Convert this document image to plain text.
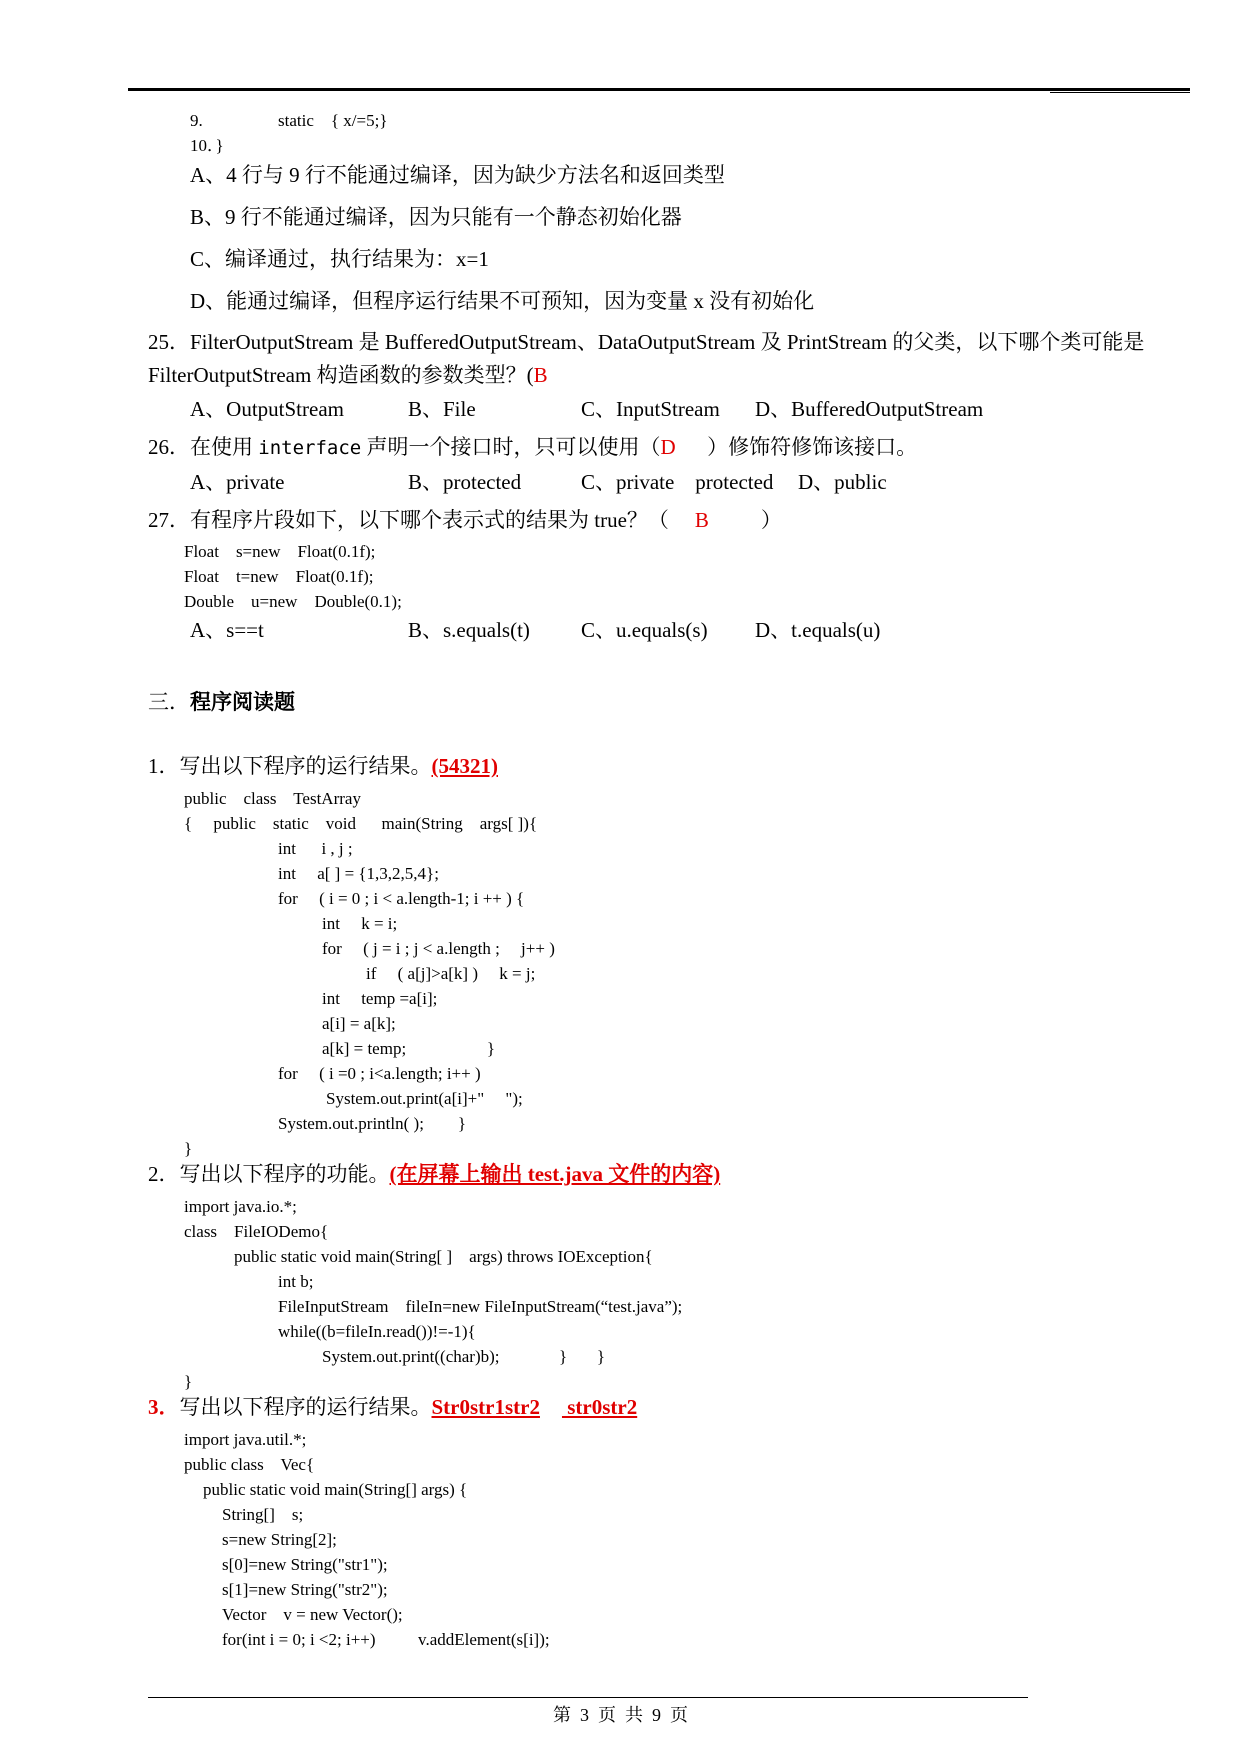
9.	static    { x/=5;}
10．}
A、4 行与 9 行不能通过编译，因为缺少方法名和返回类型
B、9 行不能通过编译，因为只能有一个静态初始化器
C、编译通过，执行结果为：x=1
D、能通过编译，但程序运行结果不可预知，因为变量 x 没有初始化
25．FilterOutputStream 是 BufferedOutputStream、DataOutputStream 及 PrintStream 的父类，以下哪个类可能是
FilterOutputStream 构造函数的参数类型？(B
A、OutputStream	B、File	C、InputStream D、BufferedOutputStream
26．在使用 interface 声明一个接口时，只可以使用（D      ）修饰符修饰该接口。
A、private	B、protected	C、private    protected D、public
27．有程序片段如下，以下哪个表示式的结果为 true？（ B ）
Float    s=new    Float(0.1f);
Float    t=new    Float(0.1f);
Double    u=new    Double(0.1);
A、s==t	B、s.equals(t) C、u.equals(s) D、t.equals(u)
三．程序阅读题
1．写出以下程序的运行结果。(54321)
public    class    TestArray
{     public    static    void      main(String    args[ ]){
int      i , j ;
int     a[ ] = {1,3,2,5,4};
for     ( i = 0 ; i < a.length-1; i ++ ) {
int     k = i;
for     ( j = i ; j < a.length ;     j++ )
if     ( a[j]>a[k] )     k = j;
int     temp =a[i];
a[i] = a[k];
a[k] = temp;                   }
for     ( i =0 ; i<a.length; i++ )
System.out.print(a[i]+"     ");
System.out.println( );        }
}
2．写出以下程序的功能。(在屏幕上输出 test.java 文件的内容)
import java.io.*;
class    FileIODemo{
public static void main(String[ ]    args) throws IOException{
int b;
FileInputStream    fileIn=new FileInputStream(“test.java”);
while((b=fileIn.read())!=-1){
System.out.print((char)b);              }       }
}
3．写出以下程序的运行结果。Str0str1str2 str0str2
import java.util.*;
public class    Vec{
public static void main(String[] args) {
String[]    s;
s=new String[2];
s[0]=new String("str1");
s[1]=new String("str2");
Vector    v = new Vector();
for(int i = 0; i <2; i++)          v.addElement(s[i]);
第  3  页  共  9  页
